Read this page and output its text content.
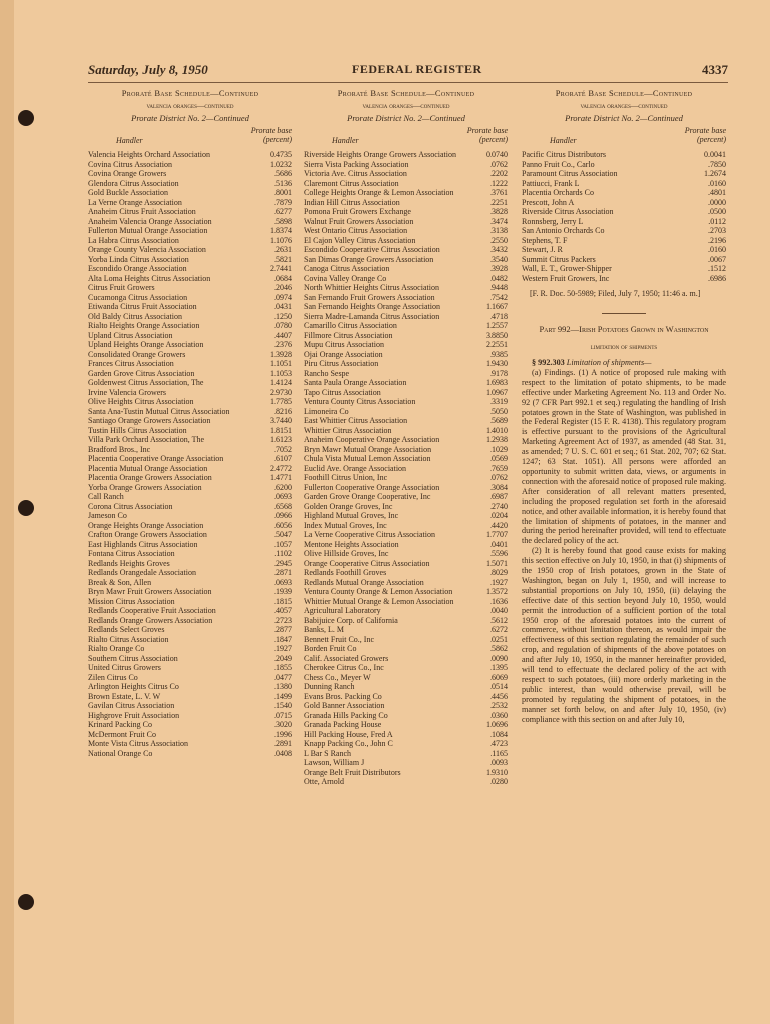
Saturday, July 8, 1950	FEDERAL REGISTER	4337
Proraté Base Schedule—Continued
valencia oranges—continued
Prorate District No. 2—Continued
Prorate base
(percent)
Handler
Valencia Heights Orchard Association	0.4735
Covina Citrus Association	1.0232
Covina Orange Growers	.5686
Glendora Citrus Association	.5136
Gold Buckle Association	.8001
La Verne Orange Association	.7879
Anaheim Citrus Fruit Association	.6277
Anaheim Valencia Orange Association	.5898
Fullerton Mutual Orange Association	1.8374
La Habra Citrus Association	1.1076
Orange County Valencia Association	.2631
Yorba Linda Citrus Association	.5821
Escondido Orange Association	2.7441
Alta Loma Heights Citrus Association	.0684
Citrus Fruit Growers	.2046
Cucamonga Citrus Association	.0974
Etiwanda Citrus Fruit Association	.0431
Old Baldy Citrus Association	.1250
Rialto Heights Orange Association	.0780
Upland Citrus Association	.4407
Upland Heights Orange Association	.2376
Consolidated Orange Growers	1.3928
Frances Citrus Association	1.1051
Garden Grove Citrus Association	1.1053
Goldenwest Citrus Association, The	1.4124
Irvine Valencia Growers	2.9730
Olive Heights Citrus Association	1.7785
Santa Ana-Tustin Mutual Citrus Association	.8216
Santiago Orange Growers Association	3.7440
Tustin Hills Citrus Association	1.8151
Villa Park Orchard Association, The	1.6123
Bradford Bros., Inc	.7052
Placentia Cooperative Orange Association	.6107
Placentia Mutual Orange Association	2.4772
Placentia Orange Growers Association	1.4771
Yorba Orange Growers Association	.6200
Call Ranch	.0693
Corona Citrus Association	.6568
Jameson Co	.0966
Orange Heights Orange Association	.6056
Crafton Orange Growers Association	.5047
East Highlands Citrus Association	.1057
Fontana Citrus Association	.1102
Redlands Heights Groves	.2945
Redlands Orangedale Association	.2871
Break & Son, Allen	.0693
Bryn Mawr Fruit Growers Association	.1939
Mission Citrus Association	.1815
Redlands Cooperative Fruit Association	.4057
Redlands Orange Growers Association	.2723
Redlands Select Groves	.2877
Rialto Citrus Association	.1847
Rialto Orange Co	.1927
Southern Citrus Association	.2049
United Citrus Growers	.1855
Zilen Citrus Co	.0477
Arlington Heights Citrus Co	.1380
Brown Estate, L. V. W	.1499
Gavilan Citrus Association	.1540
Highgrove Fruit Association	.0715
Krinard Packing Co	.3020
McDermont Fruit Co	.1996
Monte Vista Citrus Association	.2891
National Orange Co	.0408
Proraté Base Schedule—Continued
valencia oranges—continued
Prorate District No. 2—Continued
Prorate base
(percent)
Handler
Riverside Heights Orange Growers Association	0.0740
Sierra Vista Packing Association	.0762
Victoria Ave. Citrus Association	.2202
Claremont Citrus Association	.1222
College Heights Orange & Lemon Association	.3761
Indian Hill Citrus Association	.2251
Pomona Fruit Growers Exchange	.3828
Walnut Fruit Growers Association	.3474
West Ontario Citrus Association	.3138
El Cajon Valley Citrus Association	.2550
Escondido Cooperative Citrus Association	.3432
San Dimas Orange Growers Association	.3540
Canoga Citrus Association	.3928
Covina Valley Orange Co	.0482
North Whittier Heights Citrus Association	.9448
San Fernando Fruit Growers Association	.7542
San Fernando Heights Orange Association	1.1667
Sierra Madre-Lamanda Citrus Association	.4718
Camarillo Citrus Association	1.2557
Fillmore Citrus Association	3.8850
Mupu Citrus Association	2.2551
Ojai Orange Association	.9385
Piru Citrus Association	1.9430
Rancho Sespe	.9178
Santa Paula Orange Association	1.6983
Tapo Citrus Association	1.0967
Ventura County Citrus Association	.3319
Limoneira Co	.5050
East Whittier Citrus Association	.5689
Whittier Citrus Association	1.4010
Anaheim Cooperative Orange Association	1.2938
Bryn Mawr Mutual Orange Association	.1029
Chula Vista Mutual Lemon Association	.0569
Euclid Ave. Orange Association	.7659
Foothill Citrus Union, Inc	.0762
Fullerton Cooperative Orange Association	.3084
Garden Grove Orange Cooperative, Inc	.6987
Golden Orange Groves, Inc	.2740
Highland Mutual Groves, Inc	.0204
Index Mutual Groves, Inc	.4420
La Verne Cooperative Citrus Association	1.7707
Mentone Heights Association	.0401
Olive Hillside Groves, Inc	.5596
Orange Cooperative Citrus Association	1.5071
Redlands Foothill Groves	.8029
Redlands Mutual Orange Association	.1927
Ventura County Orange & Lemon Association	1.3572
Whittier Mutual Orange & Lemon Association	.1636
Agricultural Laboratory	.0040
Babijuice Corp. of California	.5612
Banks, L. M	.6272
Bennett Fruit Co., Inc	.0251
Borden Fruit Co	.5862
Calif. Associated Growers	.0090
Cherokee Citrus Co., Inc	.1395
Chess Co., Meyer W	.6069
Dunning Ranch	.0514
Evans Bros. Packing Co	.4456
Gold Banner Association	.2532
Granada Hills Packing Co	.0360
Granada Packing House	1.0696
Hill Packing House, Fred A	.1084
Knapp Packing Co., John C	.4723
L Bar S Ranch	.1165
Lawson, William J	.0093
Orange Belt Fruit Distributors	1.9310
Otte, Arnold	.0280
Proraté Base Schedule—Continued
valencia oranges—continued
Prorate District No. 2—Continued
Prorate base
(percent)
Handler
Pacific Citrus Distributors	0.0041
Panno Fruit Co., Carlo	.7850
Paramount Citrus Association	1.2674
Pattiucci, Frank L	.0160
Placentia Orchards Co	.4801
Prescott, John A	.0000
Riverside Citrus Association	.0500
Ronnsberg, Jerry L	.0112
San Antonio Orchards Co	.2703
Stephens, T. F	.2196
Stewart, J. R	.0160
Summit Citrus Packers	.0067
Wall, E. T., Grower-Shipper	.1512
Western Fruit Growers, Inc	.6986
[F. R. Doc. 50-5989; Filed, July 7, 1950; 11:46 a. m.]
Part 992—Irish Potatoes Grown in Washington
limitation of shipments

§ 992.303 Limitation of shipments—

(a) Findings. (1) A notice of proposed rule making with respect to the limitation of potato shipments, to be made effective under Marketing Agreement No. 113 and Order No. 92 (7 CFR Part 992.1 et seq.) regulating the handling of Irish potatoes grown in the State of Washington, was published in the Federal Register (15 F. R. 4138). This regulatory program is effective pursuant to the provisions of the Agricultural Marketing Agreement Act of 1937, as amended (48 Stat. 31, as amended; 7 U. S. C. 601 et seq.; 61 Stat. 202, 707; 62 Stat. 1247; 63 Stat. 1051). All persons were afforded an opportunity to submit written data, views, or arguments in connection with the aforesaid notice of proposed rule making. After consideration of all relevant matters presented, including the proposed regulation set forth in the aforesaid notice, and other available information, it is hereby found that the limitation of shipments of potatoes, in the manner and during the period hereinafter provided, will tend to effectuate the declared policy of the act.

(2) It is hereby found that good cause exists for making this section effective on July 10, 1950, in that (i) shipments of the 1950 crop of Irish potatoes, grown in the State of Washington, began on July 1, 1950, and will increase to substantial proportions on July 10, 1950, (ii) delaying the effective date of this section beyond July 10, 1950, would permit the introduction of a sufficient portion of the total 1950 crop of the aforesaid potatoes into the current of commerce, without limitation thereon, as would impair the effectiveness of this section regulating the remainder of such crop, and regulation of shipments of the above potatoes on and after July 10, 1950, in the manner hereinafter provided, will tend to effectuate the declared policy of the act with respect to such potatoes, (iii) more orderly marketing in the public interest, than would otherwise prevail, will be promoted by regulating the shipment of potatoes, in the manner set forth below, on and after July 10, 1950, (iv) compliance with this section on and after July 10,
